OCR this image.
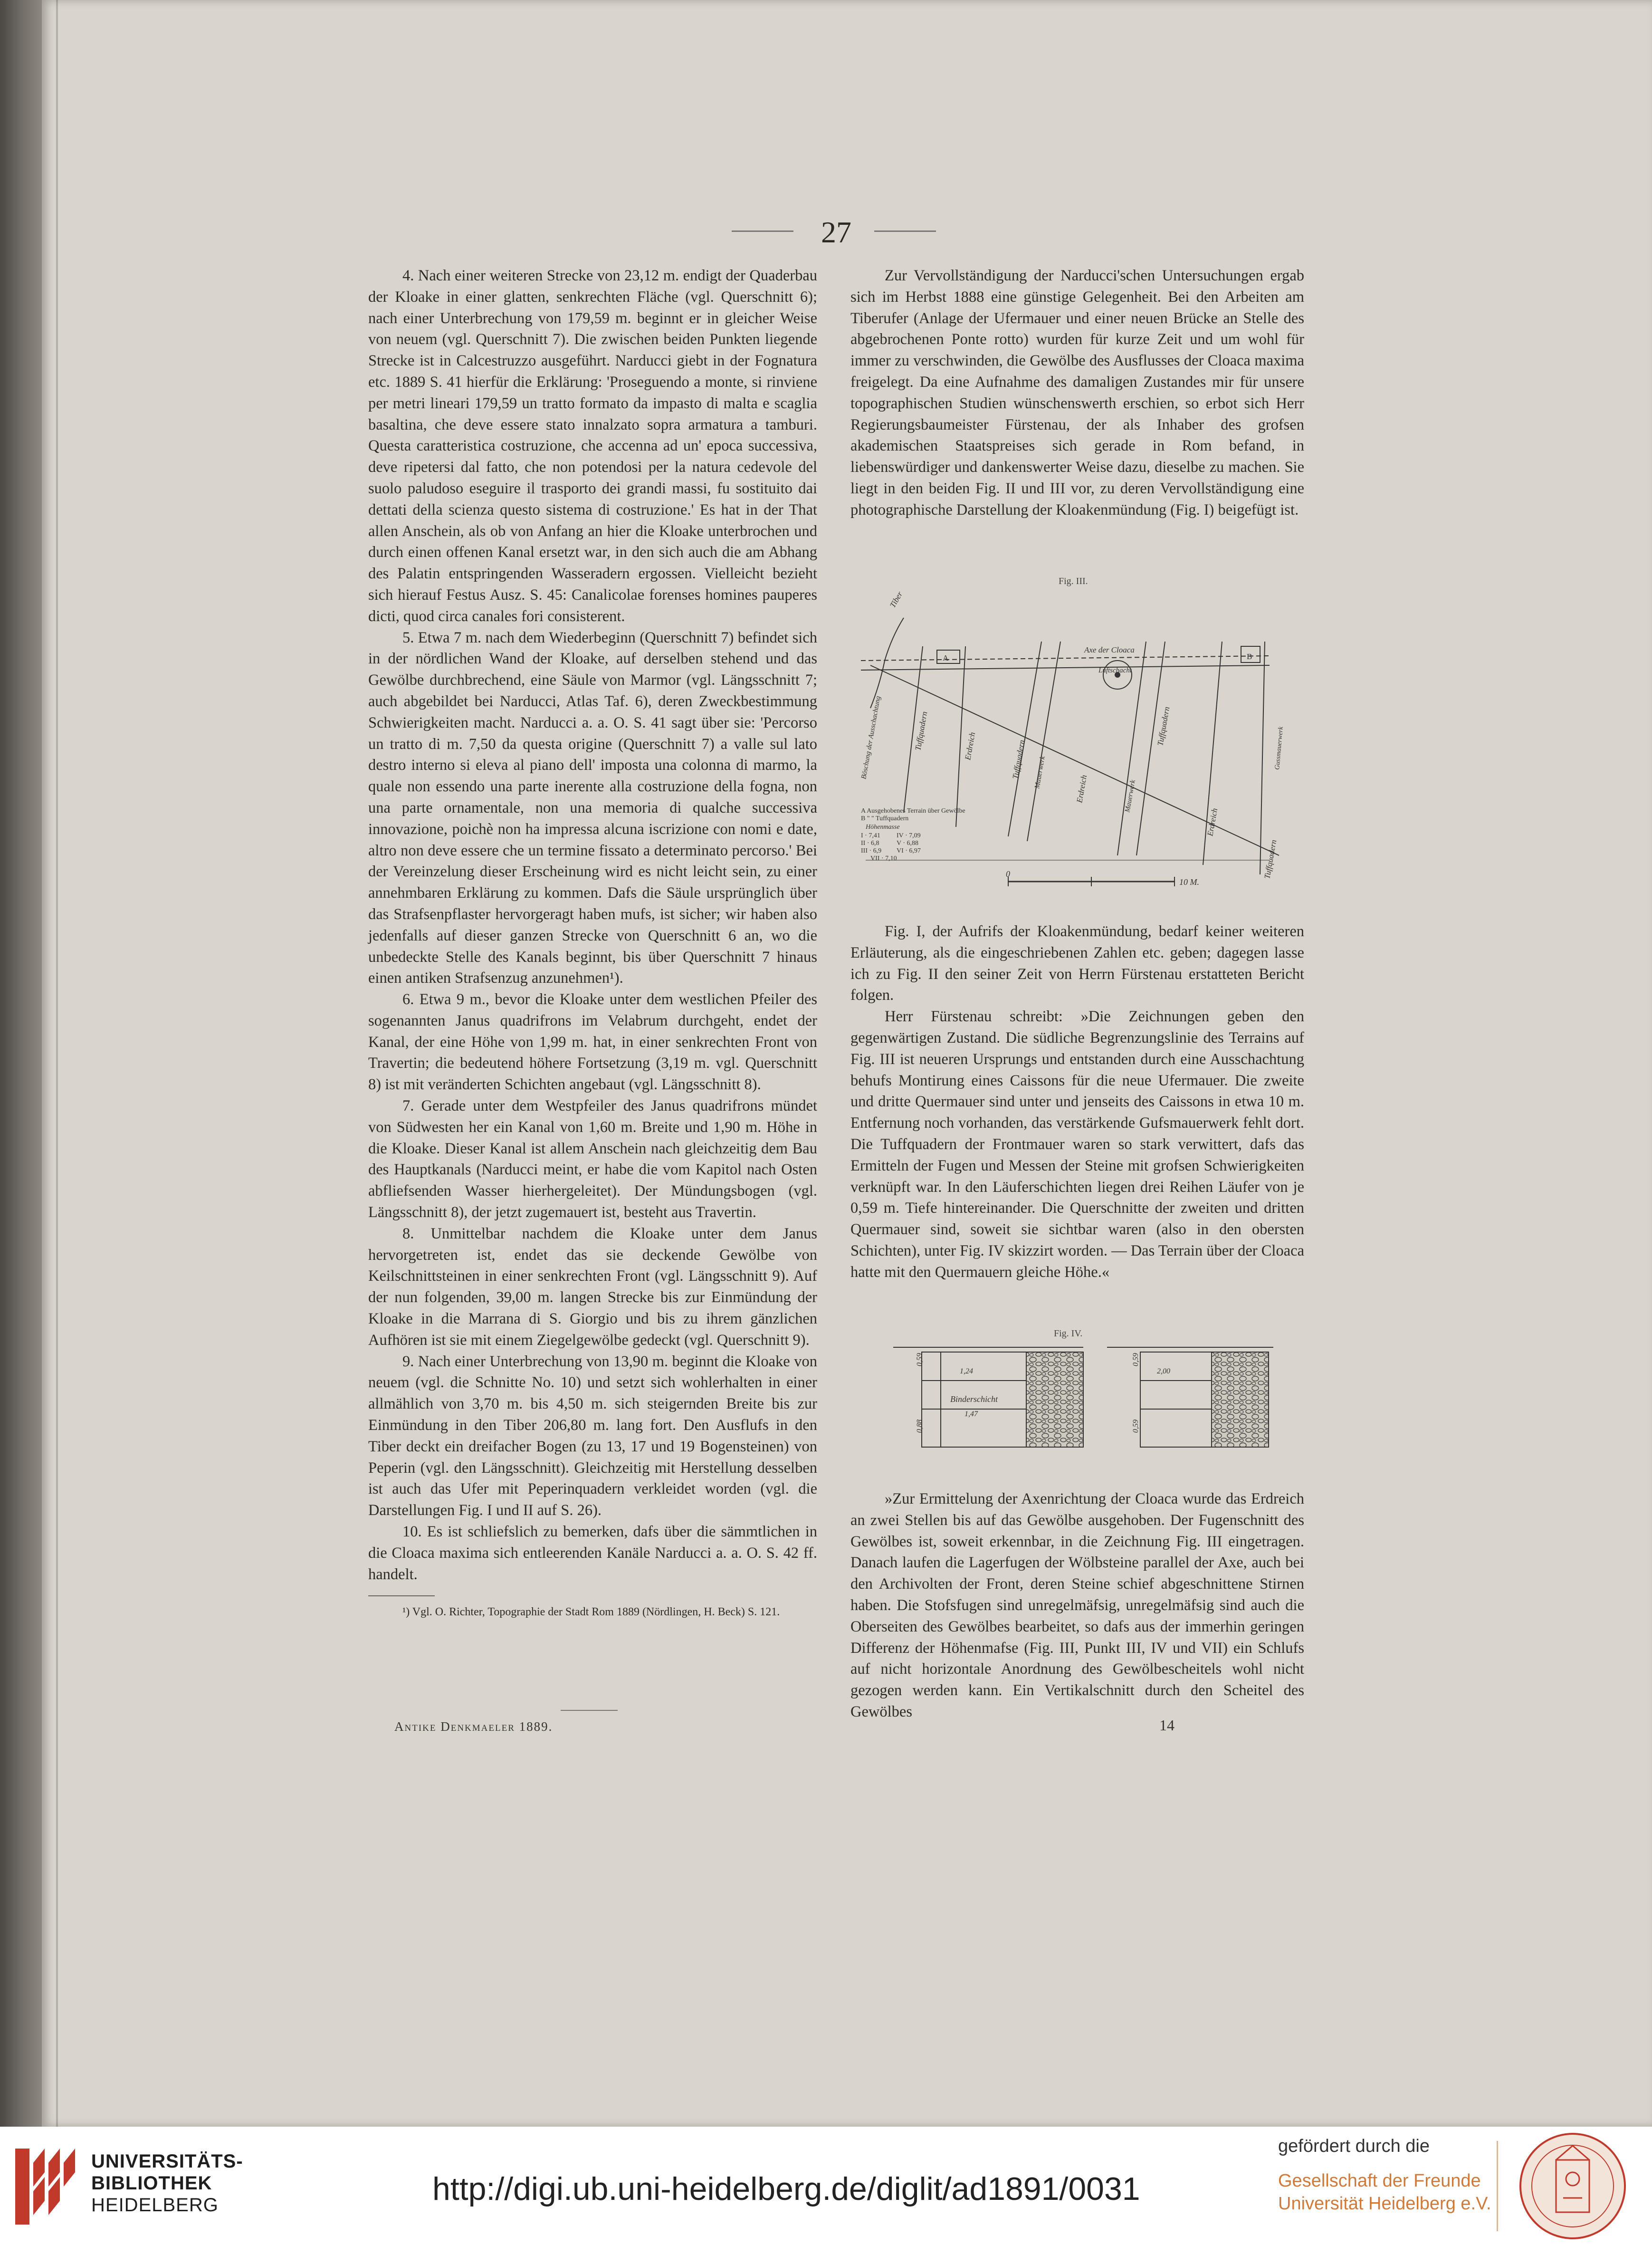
27

4. Nach einer weiteren Strecke von 23,12 m. endigt der Quaderbau der Kloake in einer glatten, senkrechten Fläche (vgl. Querschnitt 6); nach einer Unterbrechung von 179,59 m. beginnt er in gleicher Weise von neuem (vgl. Querschnitt 7). Die zwischen beiden Punkten liegende Strecke ist in Calcestruzzo ausgeführt. Narducci giebt in der Fognatura etc. 1889 S. 41 hierfür die Erklärung: 'Proseguendo a monte, si rinviene per metri lineari 179,59 un tratto formato da impasto di malta e scaglia basaltina, che deve essere stato innalzato sopra armatura a tamburi. Questa caratteristica costruzione, che accenna ad un' epoca successiva, deve ripetersi dal fatto, che non potendosi per la natura cedevole del suolo paludoso eseguire il trasporto dei grandi massi, fu sostituito dai dettati della scienza questo sistema di costruzione.' Es hat in der That allen Anschein, als ob von Anfang an hier die Kloake unterbrochen und durch einen offenen Kanal ersetzt war, in den sich auch die am Abhang des Palatin entspringenden Wasseradern ergossen. Vielleicht bezieht sich hierauf Festus Ausz. S. 45: Canalicolae forenses homines pauperes dicti, quod circa canales fori consisterent.

5. Etwa 7 m. nach dem Wiederbeginn (Querschnitt 7) befindet sich in der nördlichen Wand der Kloake, auf derselben stehend und das Gewölbe durchbrechend, eine Säule von Marmor (vgl. Längsschnitt 7; auch abgebildet bei Narducci, Atlas Taf. 6), deren Zweckbestimmung Schwierigkeiten macht. Narducci a. a. O. S. 41 sagt über sie: 'Percorso un tratto di m. 7,50 da questa origine (Querschnitt 7) a valle sul lato destro interno si eleva al piano dell' imposta una colonna di marmo, la quale non essendo una parte inerente alla costruzione della fogna, non una parte ornamentale, non una memoria di qualche successiva innovazione, poichè non ha impressa alcuna iscrizione con nomi e date, altro non deve essere che un termine fissato a determinato percorso.' Bei der Vereinzelung dieser Erscheinung wird es nicht leicht sein, zu einer annehmbaren Erklärung zu kommen. Dafs die Säule ursprünglich über das Strafsenpflaster hervorgeragt haben mufs, ist sicher; wir haben also jedenfalls auf dieser ganzen Strecke von Querschnitt 6 an, wo die unbedeckte Stelle des Kanals beginnt, bis über Querschnitt 7 hinaus einen antiken Strafsenzug anzunehmen¹).

6. Etwa 9 m., bevor die Kloake unter dem westlichen Pfeiler des sogenannten Janus quadrifrons im Velabrum durchgeht, endet der Kanal, der eine Höhe von 1,99 m. hat, in einer senkrechten Front von Travertin; die bedeutend höhere Fortsetzung (3,19 m. vgl. Querschnitt 8) ist mit veränderten Schichten angebaut (vgl. Längsschnitt 8).

7. Gerade unter dem Westpfeiler des Janus quadrifrons mündet von Südwesten her ein Kanal von 1,60 m. Breite und 1,90 m. Höhe in die Kloake. Dieser Kanal ist allem Anschein nach gleichzeitig dem Bau des Hauptkanals (Narducci meint, er habe die vom Kapitol nach Osten abfliefsenden Wasser hierhergeleitet). Der Mündungsbogen (vgl. Längsschnitt 8), der jetzt zugemauert ist, besteht aus Travertin.

8. Unmittelbar nachdem die Kloake unter dem Janus hervorgetreten ist, endet das sie deckende Gewölbe von Keilschnittsteinen in einer senkrechten Front (vgl. Längsschnitt 9). Auf der nun folgenden, 39,00 m. langen Strecke bis zur Einmündung der Kloake in die Marrana di S. Giorgio und bis zu ihrem gänzlichen Aufhören ist sie mit einem Ziegelgewölbe gedeckt (vgl. Querschnitt 9).

9. Nach einer Unterbrechung von 13,90 m. beginnt die Kloake von neuem (vgl. die Schnitte No. 10) und setzt sich wohlerhalten in einer allmählich von 3,70 m. bis 4,50 m. sich steigernden Breite bis zur Einmündung in den Tiber 206,80 m. lang fort. Den Ausflufs in den Tiber deckt ein dreifacher Bogen (zu 13, 17 und 19 Bogensteinen) von Peperin (vgl. den Längsschnitt). Gleichzeitig mit Herstellung desselben ist auch das Ufer mit Peperinquadern verkleidet worden (vgl. die Darstellungen Fig. I und II auf S. 26).

10. Es ist schliefslich zu bemerken, dafs über die sämmtlichen in die Cloaca maxima sich entleerenden Kanäle Narducci a. a. O. S. 42 ff. handelt.

¹) Vgl. O. Richter, Topographie der Stadt Rom 1889 (Nördlingen, H. Beck) S. 121.

Antike Denkmaeler 1889.	14

Zur Vervollständigung der Narducci'schen Untersuchungen ergab sich im Herbst 1888 eine günstige Gelegenheit. Bei den Arbeiten am Tiberufer (Anlage der Ufermauer und einer neuen Brücke an Stelle des abgebrochenen Ponte rotto) wurden für kurze Zeit und um wohl für immer zu verschwinden, die Gewölbe des Ausflusses der Cloaca maxima freigelegt. Da eine Aufnahme des damaligen Zustandes mir für unsere topographischen Studien wünschenswerth erschien, so erbot sich Herr Regierungsbaumeister Fürstenau, der als Inhaber des grofsen akademischen Staatspreises sich gerade in Rom befand, in liebenswürdiger und dankenswerter Weise dazu, dieselbe zu machen. Sie liegt in den beiden Fig. II und III vor, zu deren Vervollständigung eine photographische Darstellung der Kloakenmündung (Fig. I) beigefügt ist.

Fig. III.
0
10 M.
Tiber
Axe der Cloaca
Luftschacht
Böschung der Ausschachtung	Tuffquadern	Erdreich	Tuffquadern Mauerwerk	Erdreich	Mauerwerk
Tuffquadern
Erdreich
Gussmauerwerk
Tuffquadern
A	B
A Ausgehobenes Terrain über Gewölbe
B " " Tuffquadern
Höhenmasse
I · 7,41
II · 6,8
III · 6,9
IV · 7,09
V · 6,88
VI · 6,97
VII · 7,10

Fig. I, der Aufrifs der Kloakenmündung, bedarf keiner weiteren Erläuterung, als die eingeschriebenen Zahlen etc. geben; dagegen lasse ich zu Fig. II den seiner Zeit von Herrn Fürstenau erstatteten Bericht folgen.

Herr Fürstenau schreibt: »Die Zeichnungen geben den gegenwärtigen Zustand. Die südliche Begrenzungslinie des Terrains auf Fig. III ist neueren Ursprungs und entstanden durch eine Ausschachtung behufs Montirung eines Caissons für die neue Ufermauer. Die zweite und dritte Quermauer sind unter und jenseits des Caissons in etwa 10 m. Entfernung noch vorhanden, das verstärkende Gufsmauerwerk fehlt dort. Die Tuffquadern der Frontmauer waren so stark verwittert, dafs das Ermitteln der Fugen und Messen der Steine mit grofsen Schwierigkeiten verknüpft war. In den Läuferschichten liegen drei Reihen Läufer von je 0,59 m. Tiefe hintereinander. Die Querschnitte der zweiten und dritten Quermauer sind, soweit sie sichtbar waren (also in den obersten Schichten), unter Fig. IV skizzirt worden. — Das Terrain über der Cloaca hatte mit den Quermauern gleiche Höhe.«

Fig. IV.
Binderschicht
1,47
1,24	2,00
0,59
0,88
0,59
0,59

»Zur Ermittelung der Axenrichtung der Cloaca wurde das Erdreich an zwei Stellen bis auf das Gewölbe ausgehoben. Der Fugenschnitt des Gewölbes ist, soweit erkennbar, in die Zeichnung Fig. III eingetragen. Danach laufen die Lagerfugen der Wölbsteine parallel der Axe, auch bei den Archivolten der Front, deren Steine schief abgeschnittene Stirnen haben. Die Stofsfugen sind unregelmäfsig, unregelmäfsig sind auch die Oberseiten des Gewölbes bearbeitet, so dafs aus der immerhin geringen Differenz der Höhenmafse (Fig. III, Punkt III, IV und VII) ein Schlufs auf nicht horizontale Anordnung des Gewölbescheitels wohl nicht gezogen werden kann. Ein Vertikalschnitt durch den Scheitel des Gewölbes

UNIVERSITÄTS-
BIBLIOTHEK
HEIDELBERG	http://digi.ub.uni-heidelberg.de/diglit/ad1891/0031
gefördert durch die
Gesellschaft der Freunde
Universität Heidelberg e.V.
